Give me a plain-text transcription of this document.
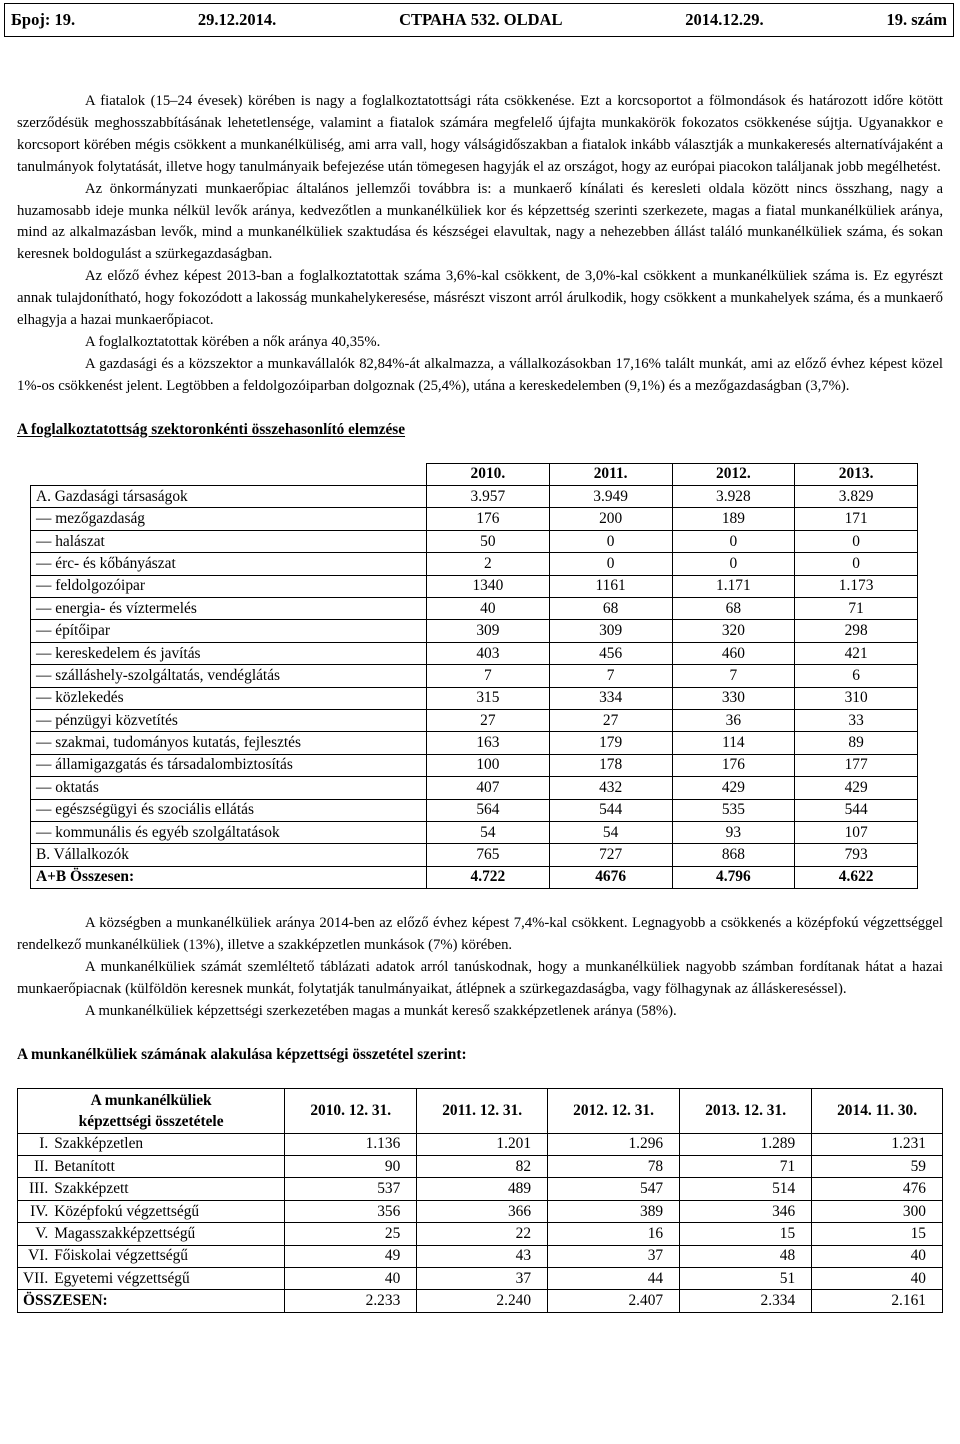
Број: 19.	29.12.2014.	СТРАНА 532. OLDAL	2014.12.29.	19. szám

A fiatalok (15–24 évesek) körében is nagy a foglalkoztatottsági ráta csökkenése. Ezt a korcsoportot a fölmondások és határozott időre kötött szerződésük meghosszabbításának lehetetlensége, valamint a fiatalok számára megfelelő újfajta munkakörök fokozatos csökkenése sújtja. Ugyanakkor e korcsoport körében mégis csökkent a munkanélküliség, ami arra vall, hogy válságidőszakban a fiatalok inkább választják a munkakeresés alternatívájaként a tanulmányok folytatását, illetve hogy tanulmányaik befejezése után tömegesen hagyják el az országot, hogy az európai piacokon találjanak jobb megélhetést.

Az önkormányzati munkaerőpiac általános jellemzői továbbra is: a munkaerő kínálati és keresleti oldala között nincs összhang, nagy a huzamosabb ideje munka nélkül levők aránya, kedvezőtlen a munkanélküliek kor és képzettség szerinti szerkezete, magas a fiatal munkanélküliek aránya, mind az alkalmazásban levők, mind a munkanélküliek szaktudása és készségei elavultak, nagy a nehezebben állást találó munkanélküliek száma, és sokan keresnek boldogulást a szürkegazdaságban.

Az előző évhez képest 2013-ban a foglalkoztatottak száma 3,6%-kal csökkent, de 3,0%-kal csökkent a munkanélküliek száma is. Ez egyrészt annak tulajdonítható, hogy fokozódott a lakosság munkahelykeresése, másrészt viszont arról árulkodik, hogy csökkent a munkahelyek száma, és a munkaerő elhagyja a hazai munkaerőpiacot.

A foglalkoztatottak körében a nők aránya 40,35%.

A gazdasági és a közszektor a munkavállalók 82,84%-át alkalmazza, a vállalkozásokban 17,16% talált munkát, ami az előző évhez képest közel 1%-os csökkenést jelent. Legtöbben a feldolgozóiparban dolgoznak (25,4%), utána a kereskedelemben (9,1%) és a mezőgazdaságban (3,7%).

A foglalkoztatottság szektoronkénti összehasonlító elemzése
	2010.	2011.	2012.	2013.
A. Gazdasági társaságok	3.957	3.949	3.928	3.829
— mezőgazdaság	176	200	189	171
— halászat	50	0	0	0
— érc- és kőbányászat	2	0	0	0
— feldolgozóipar	1340	1161	1.171	1.173
— energia- és víztermelés	40	68	68	71
— építőipar	309	309	320	298
— kereskedelem és javítás	403	456	460	421
— szálláshely-szolgáltatás, vendéglátás	7	7	7	6
— közlekedés	315	334	330	310
— pénzügyi közvetítés	27	27	36	33
— szakmai, tudományos kutatás, fejlesztés	163	179	114	89
— államigazgatás és társadalombiztosítás	100	178	176	177
— oktatás	407	432	429	429
— egészségügyi és szociális ellátás	564	544	535	544
— kommunális és egyéb szolgáltatások	54	54	93	107
B. Vállalkozók	765	727	868	793
A+B Összesen:	4.722	4676	4.796	4.622

A községben a munkanélküliek aránya 2014-ben az előző évhez képest 7,4%-kal csökkent. Legnagyobb a csökkenés a középfokú végzettséggel rendelkező munkanélküliek (13%), illetve a szakképzetlen munkások (7%) körében.

A munkanélküliek számát szemléltető táblázati adatok arról tanúskodnak, hogy a munkanélküliek nagyobb számban fordítanak hátat a hazai munkaerőpiacnak (külföldön keresnek munkát, folytatják tanulmányaikat, átlépnek a szürkegazdaságba, vagy fölhagynak az álláskereséssel).

A munkanélküliek képzettségi szerkezetében magas a munkát kereső szakképzetlenek aránya (58%).

A munkanélküliek számának alakulása képzettségi összetétel szerint:
A munkanélküliek
képzettségi összetétele		2010. 12. 31.	2011. 12. 31.	2012. 12. 31.	2013. 12. 31.	2014. 11. 30.
I.	Szakképzetlen	1.136	1.201	1.296	1.289	1.231
II.	Betanított	90	82	78	71	59
III.	Szakképzett	537	489	547	514	476
IV.	Középfokú végzettségű	356	366	389	346	300
V.	Magasszakképzettségű	25	22	16	15	15
VI.	Főiskolai végzettségű	49	43	37	48	40
VII.	Egyetemi végzettségű	40	37	44	51	40
ÖSSZESEN:		2.233	2.240	2.407	2.334	2.161
